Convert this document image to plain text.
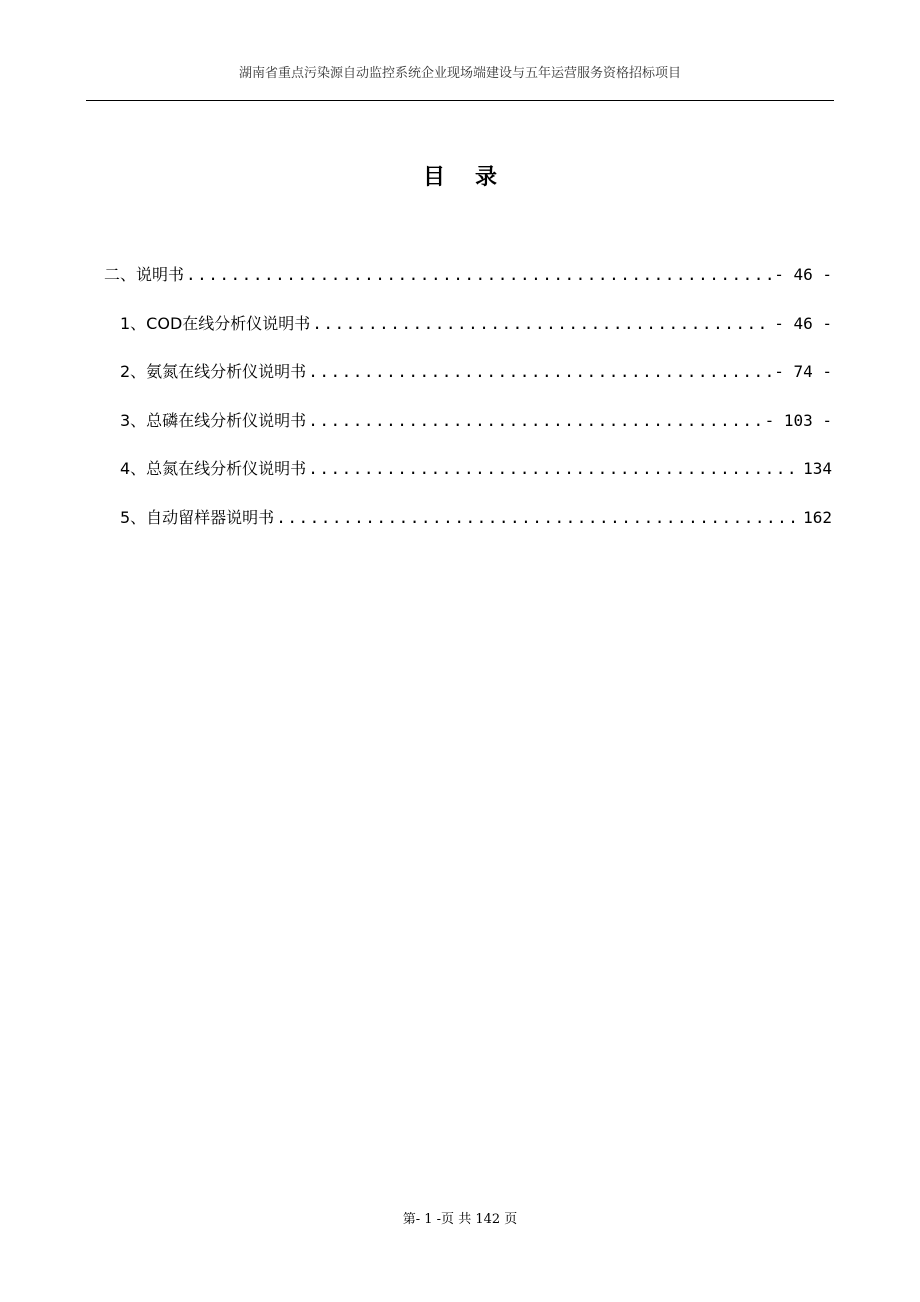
湖南省重点污染源自动监控系统企业现场端建设与五年运营服务资格招标项目
目录
二、说明书 .....	- 46 -
1、COD在线分析仪说明书 .....	- 46 -
2、氨氮在线分析仪说明书 .....	- 74 -
3、总磷在线分析仪说明书 .....	- 103 -
4、总氮在线分析仪说明书 .....	134
5、自动留样器说明书 .....	162
第- 1 -页 共 142 页
